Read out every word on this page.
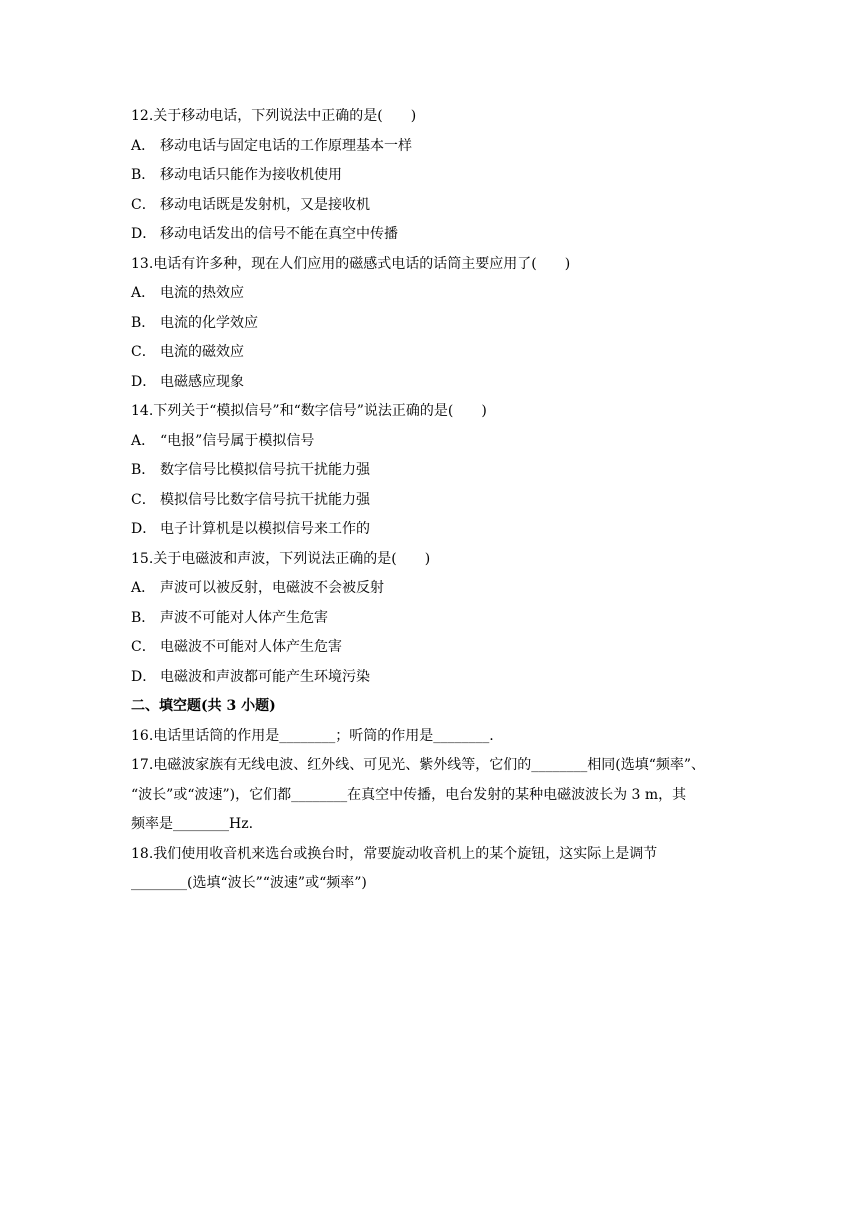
12.关于移动电话，下列说法中正确的是(　　)
A． 移动电话与固定电话的工作原理基本一样
B． 移动电话只能作为接收机使用
C． 移动电话既是发射机，又是接收机
D． 移动电话发出的信号不能在真空中传播
13.电话有许多种，现在人们应用的磁感式电话的话筒主要应用了(　　)
A． 电流的热效应
B． 电流的化学效应
C． 电流的磁效应
D． 电磁感应现象
14.下列关于“模拟信号”和“数字信号”说法正确的是(　　)
A． “电报”信号属于模拟信号
B． 数字信号比模拟信号抗干扰能力强
C． 模拟信号比数字信号抗干扰能力强
D． 电子计算机是以模拟信号来工作的
15.关于电磁波和声波，下列说法正确的是(　　)
A． 声波可以被反射，电磁波不会被反射
B． 声波不可能对人体产生危害
C． 电磁波不可能对人体产生危害
D． 电磁波和声波都可能产生环境污染
二、填空题(共 3 小题)
16.电话里话筒的作用是________；听筒的作用是________.
17.电磁波家族有无线电波、红外线、可见光、紫外线等，它们的________相同(选填“频率”、
“波长”或“波速”)，它们都________在真空中传播，电台发射的某种电磁波波长为 3 m，其
频率是________Hz.
18.我们使用收音机来选台或换台时，常要旋动收音机上的某个旋钮，这实际上是调节
________(选填“波长”“波速”或“频率”)
